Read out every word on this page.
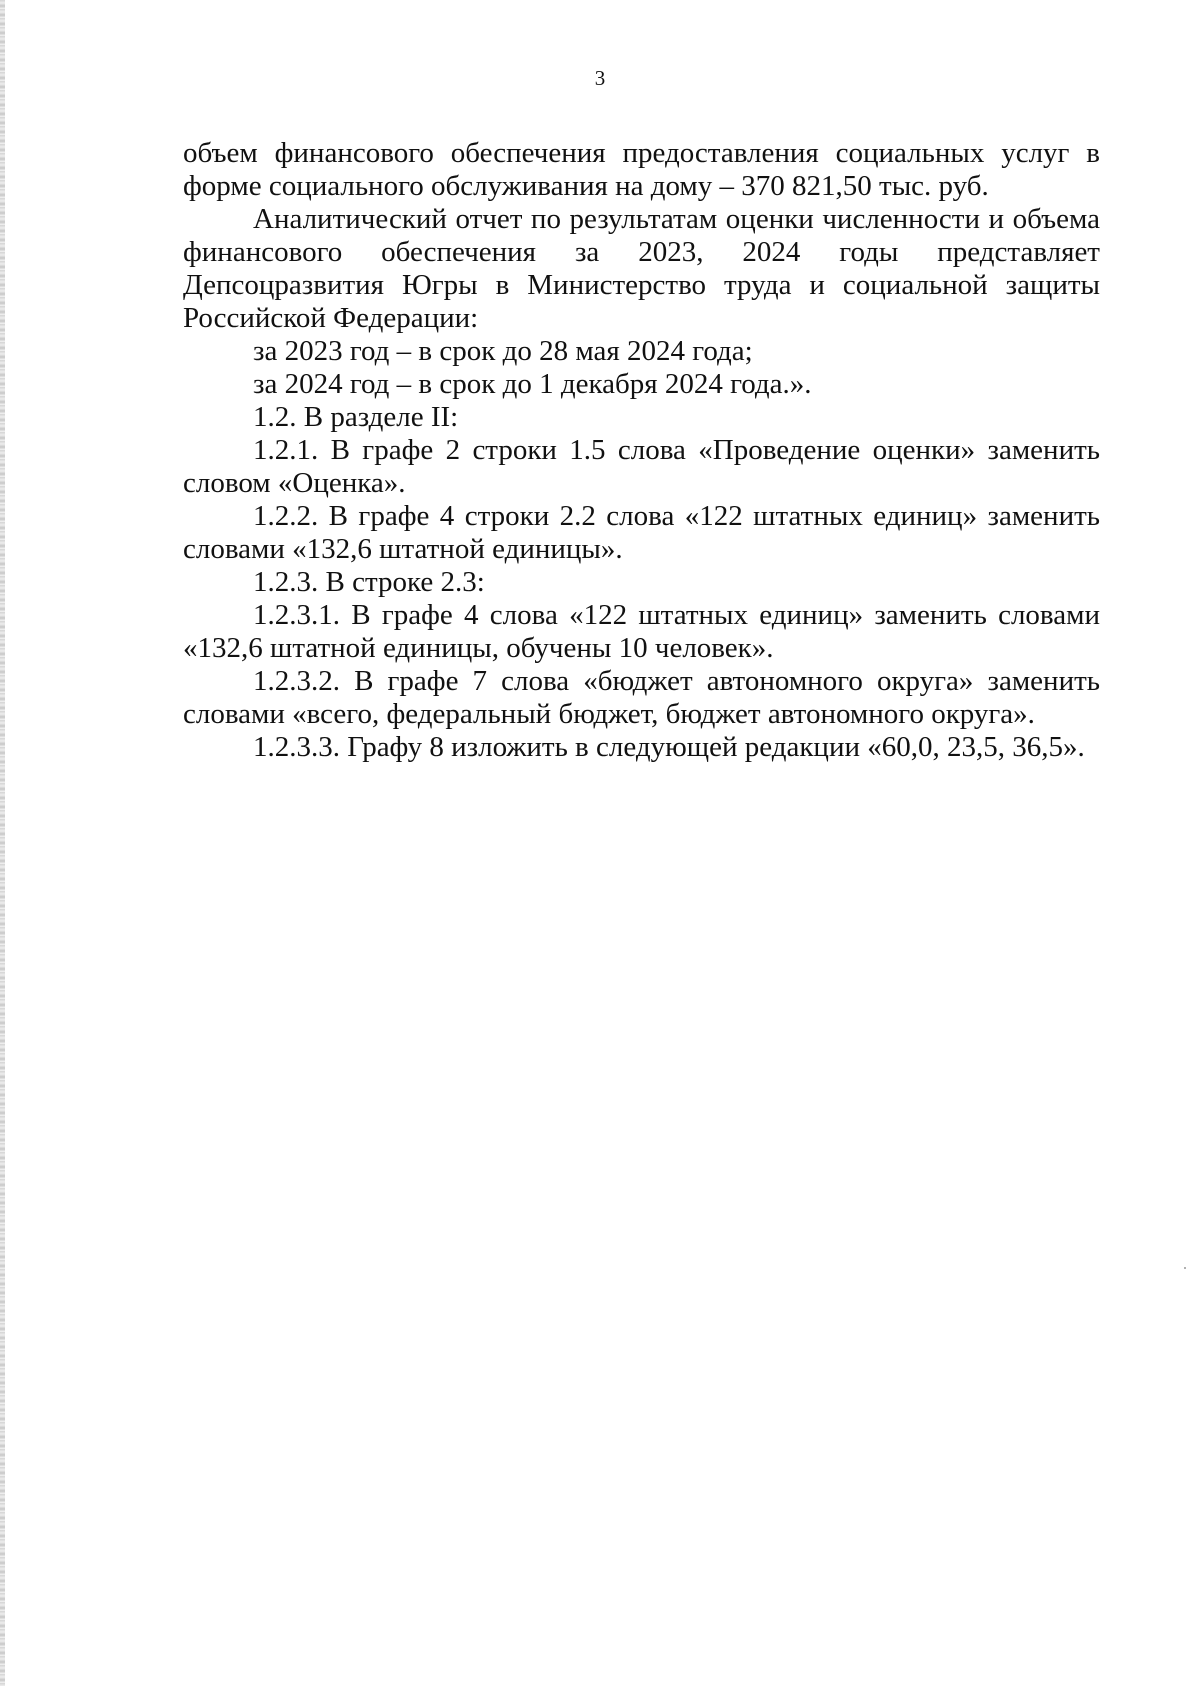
3

объем финансового обеспечения предоставления социальных услуг в форме социального обслуживания на дому – 370 821,50 тыс. руб.

Аналитический отчет по результатам оценки численности и объема финансового обеспечения за 2023, 2024 годы представляет Депсоцразвития Югры в Министерство труда и социальной защиты Российской Федерации:

за 2023 год – в срок до 28 мая 2024 года;

за 2024 год – в срок до 1 декабря 2024 года.».

1.2. В разделе II:

1.2.1. В графе 2 строки 1.5 слова «Проведение оценки» заменить словом «Оценка».

1.2.2. В графе 4 строки 2.2 слова «122 штатных единиц» заменить словами «132,6 штатной единицы».

1.2.3. В строке 2.3:

1.2.3.1. В графе 4 слова «122 штатных единиц» заменить словами «132,6 штатной единицы, обучены 10 человек».

1.2.3.2. В графе 7 слова «бюджет автономного округа» заменить словами «всего, федеральный бюджет, бюджет автономного округа».

1.2.3.3. Графу 8 изложить в следующей редакции «60,0, 23,5, 36,5».
